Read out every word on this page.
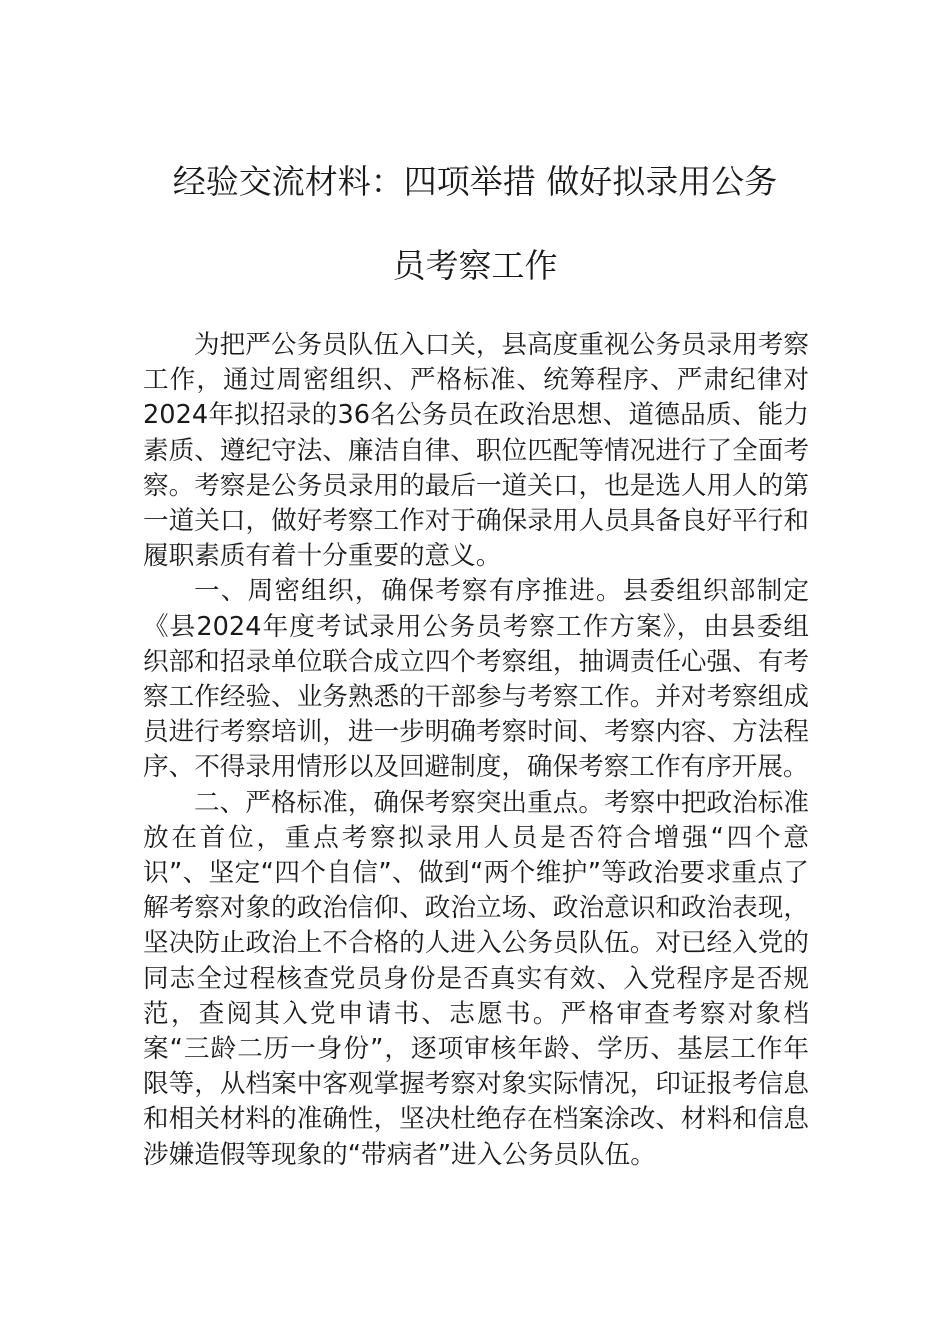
经验交流材料：四项举措 做好拟录用公务
员考察工作

为把严公务员队伍入口关，县高度重视公务员录用考察工作，通过周密组织、严格标准、统筹程序、严肃纪律对2024年拟招录的36名公务员在政治思想、道德品质、能力素质、遵纪守法、廉洁自律、职位匹配等情况进行了全面考察。考察是公务员录用的最后一道关口，也是选人用人的第一道关口，做好考察工作对于确保录用人员具备良好平行和履职素质有着十分重要的意义。

一、周密组织，确保考察有序推进。县委组织部制定《县2024年度考试录用公务员考察工作方案》，由县委组织部和招录单位联合成立四个考察组，抽调责任心强、有考察工作经验、业务熟悉的干部参与考察工作。并对考察组成员进行考察培训，进一步明确考察时间、考察内容、方法程序、不得录用情形以及回避制度，确保考察工作有序开展。

二、严格标准，确保考察突出重点。考察中把政治标准放在首位，重点考察拟录用人员是否符合增强“四个意识”、坚定“四个自信”、做到“两个维护”等政治要求重点了解考察对象的政治信仰、政治立场、政治意识和政治表现，坚决防止政治上不合格的人进入公务员队伍。对已经入党的同志全过程核查党员身份是否真实有效、入党程序是否规范，查阅其入党申请书、志愿书。严格审查考察对象档案“三龄二历一身份”，逐项审核年龄、学历、基层工作年限等，从档案中客观掌握考察对象实际情况，印证报考信息和相关材料的准确性，坚决杜绝存在档案涂改、材料和信息涉嫌造假等现象的“带病者”进入公务员队伍。
